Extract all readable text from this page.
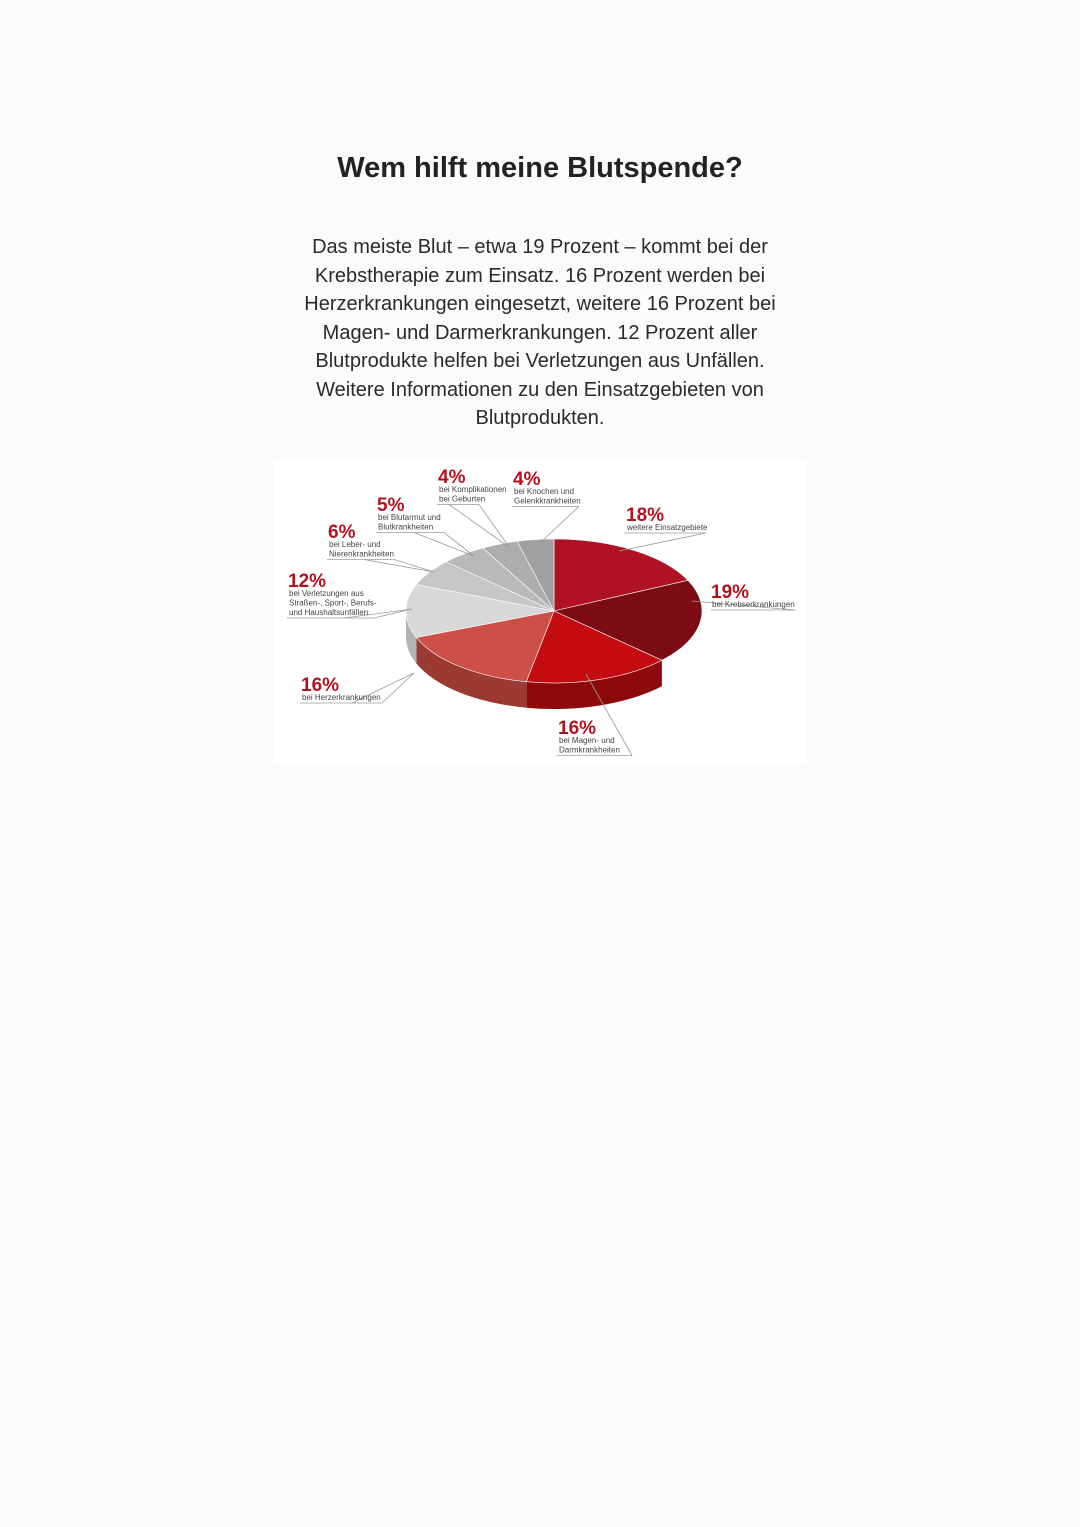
Wem hilft meine Blutspende?

Das meiste Blut – etwa 19 Prozent – kommt bei der Krebstherapie zum Einsatz. 16 Prozent werden bei Herzerkrankungen eingesetzt, weitere 16 Prozent bei Magen- und Darmerkrankungen. 12 Prozent aller Blutprodukte helfen bei Verletzungen aus Unfällen. Weitere Informationen zu den Einsatzgebieten von Blutprodukten.

18%
weitere Einsatzgebiete
19%
bei Krebserkrankungen
16%
bei Magen- und
Darmkrankheiten
16%
bei Herzerkrankungen
12%
bei Verletzungen aus
Straßen-, Sport-, Berufs-
und Haushaltsunfällen
6%
bei Leber- und
Nierenkrankheiten
5%
bei Blutarmut und
Blutkrankheiten
4%
bei Komplikationen
bei Geburten
4%
bei Knochen und
Gelenkkrankheiten
